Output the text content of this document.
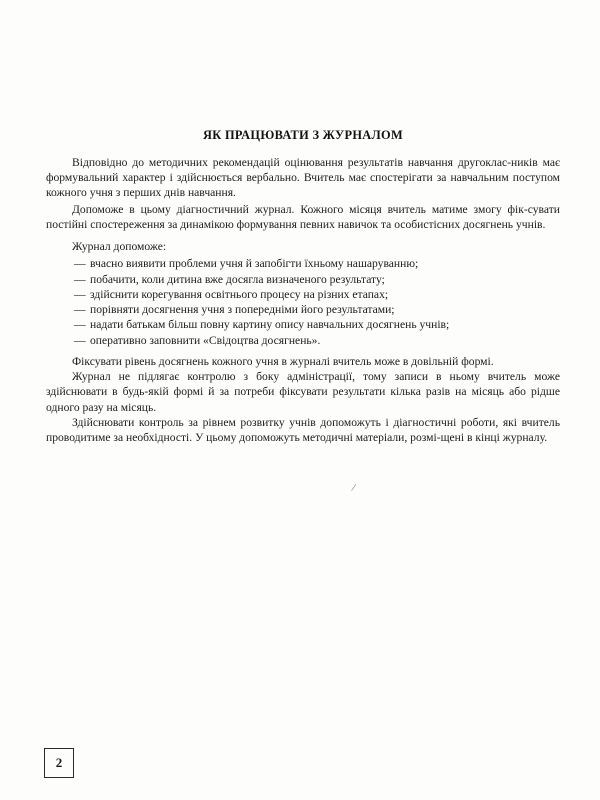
ЯК ПРАЦЮВАТИ З ЖУРНАЛОМ

Відповідно до методичних рекомендацій оцінювання результатів навчання другоклас-ників має формувальний характер і здійснюється вербально. Вчитель має спостерігати за навчальним поступом кожного учня з перших днів навчання.

Допоможе в цьому діагностичний журнал. Кожного місяця вчитель матиме змогу фік-сувати постійні спостереження за динамікою формування певних навичок та особистісних досягнень учнів.

Журнал допоможе:

— вчасно виявити проблеми учня й запобігти їхньому нашаруванню;
— побачити, коли дитина вже досягла визначеного результату;
— здійснити корегування освітнього процесу на різних етапах;
— порівняти досягнення учня з попередніми його результатами;
— надати батькам більш повну картину опису навчальних досягнень учнів;
— оперативно заповнити «Свідоцтва досягнень».

Фіксувати рівень досягнень кожного учня в журналі вчитель може в довільній формі.

Журнал не підлягає контролю з боку адміністрації, тому записи в ньому вчитель може здійснювати в будь-якій формі й за потреби фіксувати результати кілька разів на місяць або рідше одного разу на місяць.

Здійснювати контроль за рівнем розвитку учнів допоможуть і діагностичні роботи, які вчитель проводитиме за необхідності. У цьому допоможуть методичні матеріали, розмі-щені в кінці журналу.

/
2
